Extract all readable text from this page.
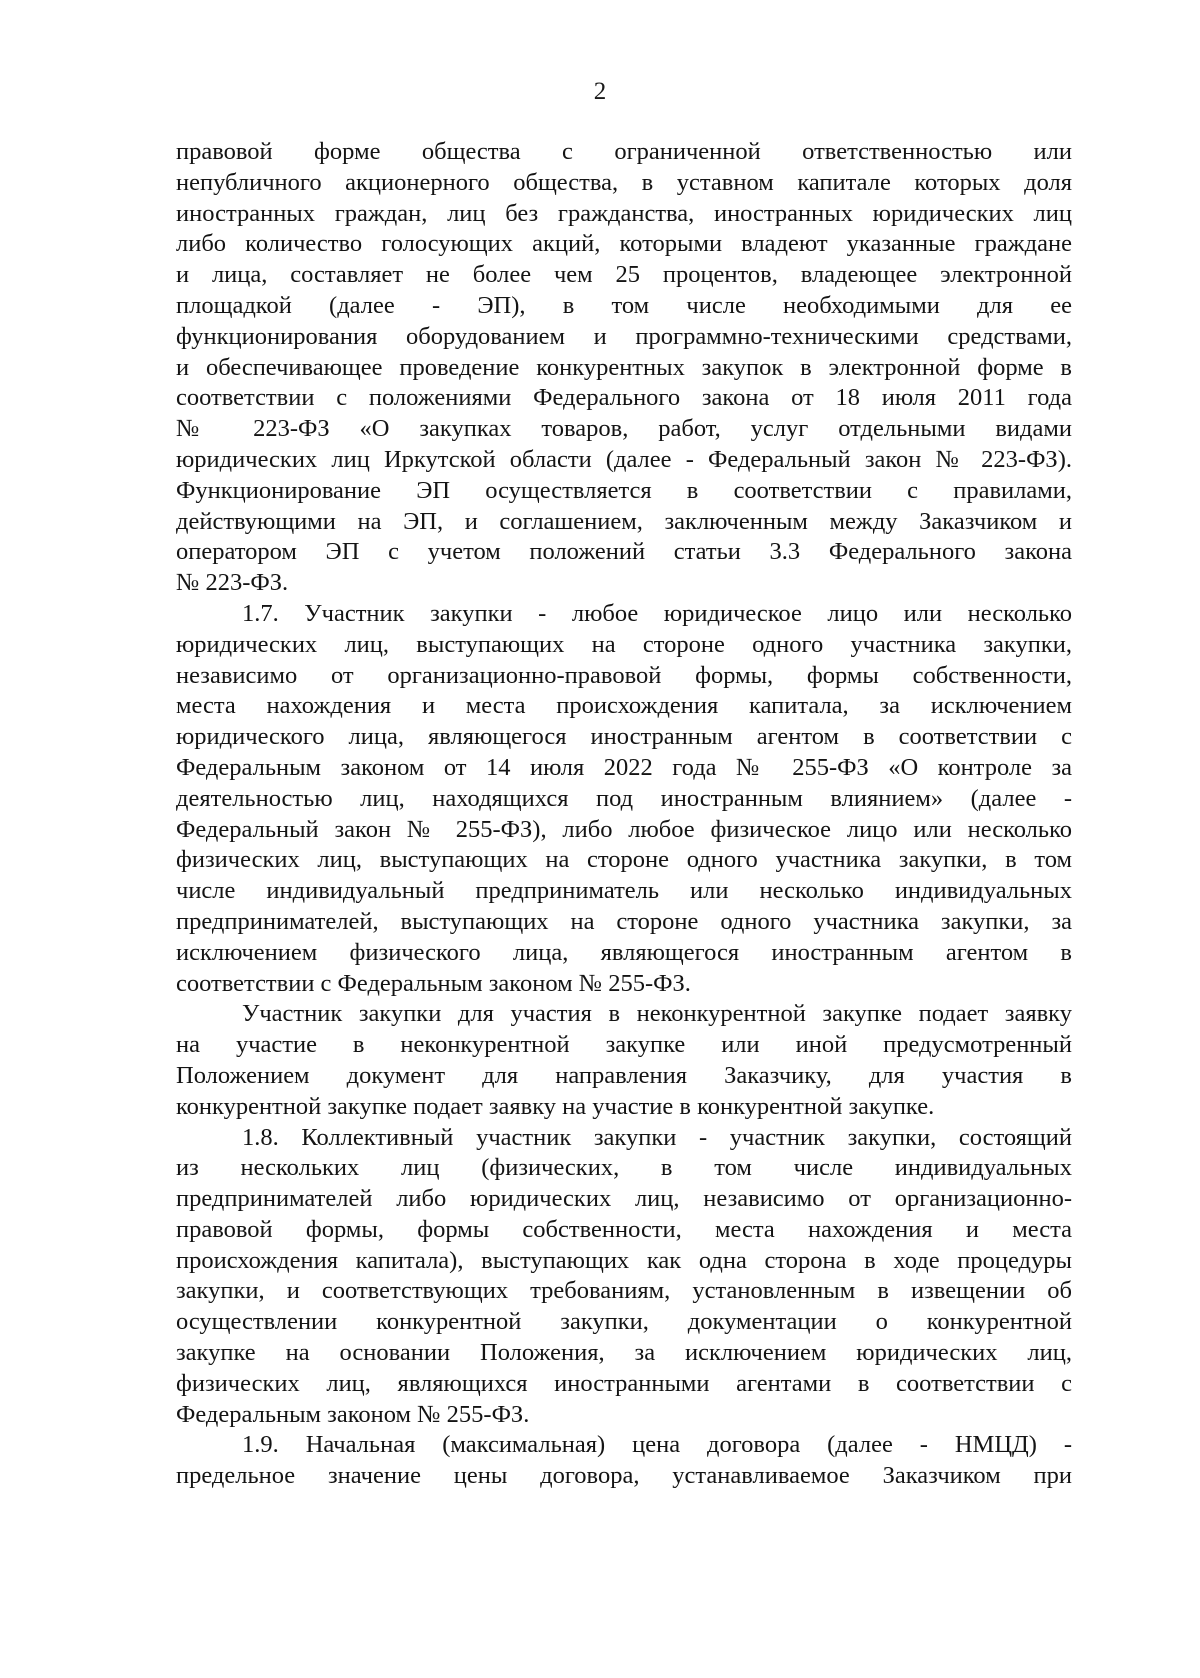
2

правовой форме общества с ограниченной ответственностью или
непубличного акционерного общества, в уставном капитале которых доля
иностранных граждан, лиц без гражданства, иностранных юридических лиц
либо количество голосующих акций, которыми владеют указанные граждане
и лица, составляет не более чем 25 процентов, владеющее электронной
площадкой (далее - ЭП), в том числе необходимыми для ее
функционирования оборудованием и программно-техническими средствами,
и обеспечивающее проведение конкурентных закупок в электронной форме в
соответствии с положениями Федерального закона от 18 июля 2011 года
№ 223-ФЗ «О закупках товаров, работ, услуг отдельными видами
юридических лиц Иркутской области (далее - Федеральный закон № 223-ФЗ).
Функционирование ЭП осуществляется в соответствии с правилами,
действующими на ЭП, и соглашением, заключенным между Заказчиком и
оператором ЭП с учетом положений статьи 3.3 Федерального закона
№ 223-ФЗ.
1.7. Участник закупки - любое юридическое лицо или несколько
юридических лиц, выступающих на стороне одного участника закупки,
независимо от организационно-правовой формы, формы собственности,
места нахождения и места происхождения капитала, за исключением
юридического лица, являющегося иностранным агентом в соответствии с
Федеральным законом от 14 июля 2022 года № 255-ФЗ «О контроле за
деятельностью лиц, находящихся под иностранным влиянием» (далее -
Федеральный закон № 255-ФЗ), либо любое физическое лицо или несколько
физических лиц, выступающих на стороне одного участника закупки, в том
числе индивидуальный предприниматель или несколько индивидуальных
предпринимателей, выступающих на стороне одного участника закупки, за
исключением физического лица, являющегося иностранным агентом в
соответствии с Федеральным законом № 255-ФЗ.
Участник закупки для участия в неконкурентной закупке подает заявку
на участие в неконкурентной закупке или иной предусмотренный
Положением документ для направления Заказчику, для участия в
конкурентной закупке подает заявку на участие в конкурентной закупке.
1.8. Коллективный участник закупки - участник закупки, состоящий
из нескольких лиц (физических, в том числе индивидуальных
предпринимателей либо юридических лиц, независимо от организационно-
правовой формы, формы собственности, места нахождения и места
происхождения капитала), выступающих как одна сторона в ходе процедуры
закупки, и соответствующих требованиям, установленным в извещении об
осуществлении конкурентной закупки, документации о конкурентной
закупке на основании Положения, за исключением юридических лиц,
физических лиц, являющихся иностранными агентами в соответствии с
Федеральным законом № 255-ФЗ.
1.9. Начальная (максимальная) цена договора (далее - НМЦД) -
предельное значение цены договора, устанавливаемое Заказчиком при
